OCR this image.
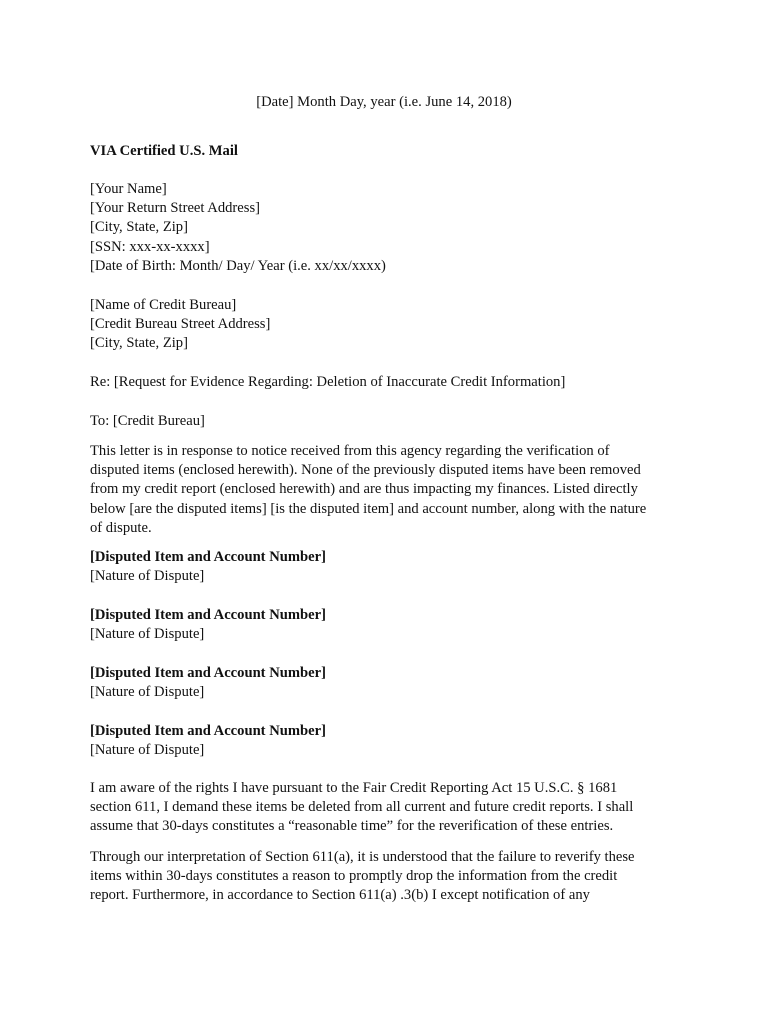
[Date] Month Day, year (i.e. June 14, 2018)
VIA Certified U.S. Mail
[Your Name]
[Your Return Street Address]
[City, State, Zip]
[SSN: xxx-xx-xxxx]
[Date of Birth: Month/ Day/ Year (i.e. xx/xx/xxxx)
[Name of Credit Bureau]
[Credit Bureau Street Address]
[City, State, Zip]
Re: [Request for Evidence Regarding: Deletion of Inaccurate Credit Information]
To: [Credit Bureau]
This letter is in response to notice received from this agency regarding the verification of
disputed items (enclosed herewith). None of the previously disputed items have been removed
from my credit report (enclosed herewith) and are thus impacting my finances. Listed directly
below [are the disputed items] [is the disputed item] and account number, along with the nature
of dispute.
[Disputed Item and Account Number]
[Nature of Dispute]
[Disputed Item and Account Number]
[Nature of Dispute]
[Disputed Item and Account Number]
[Nature of Dispute]
[Disputed Item and Account Number]
[Nature of Dispute]
I am aware of the rights I have pursuant to the Fair Credit Reporting Act 15 U.S.C. § 1681
section 611, I demand these items be deleted from all current and future credit reports. I shall
assume that 30-days constitutes a “reasonable time” for the reverification of these entries.
Through our interpretation of Section 611(a), it is understood that the failure to reverify these
items within 30-days constitutes a reason to promptly drop the information from the credit
report. Furthermore, in accordance to Section 611(a) .3(b) I except notification of any
